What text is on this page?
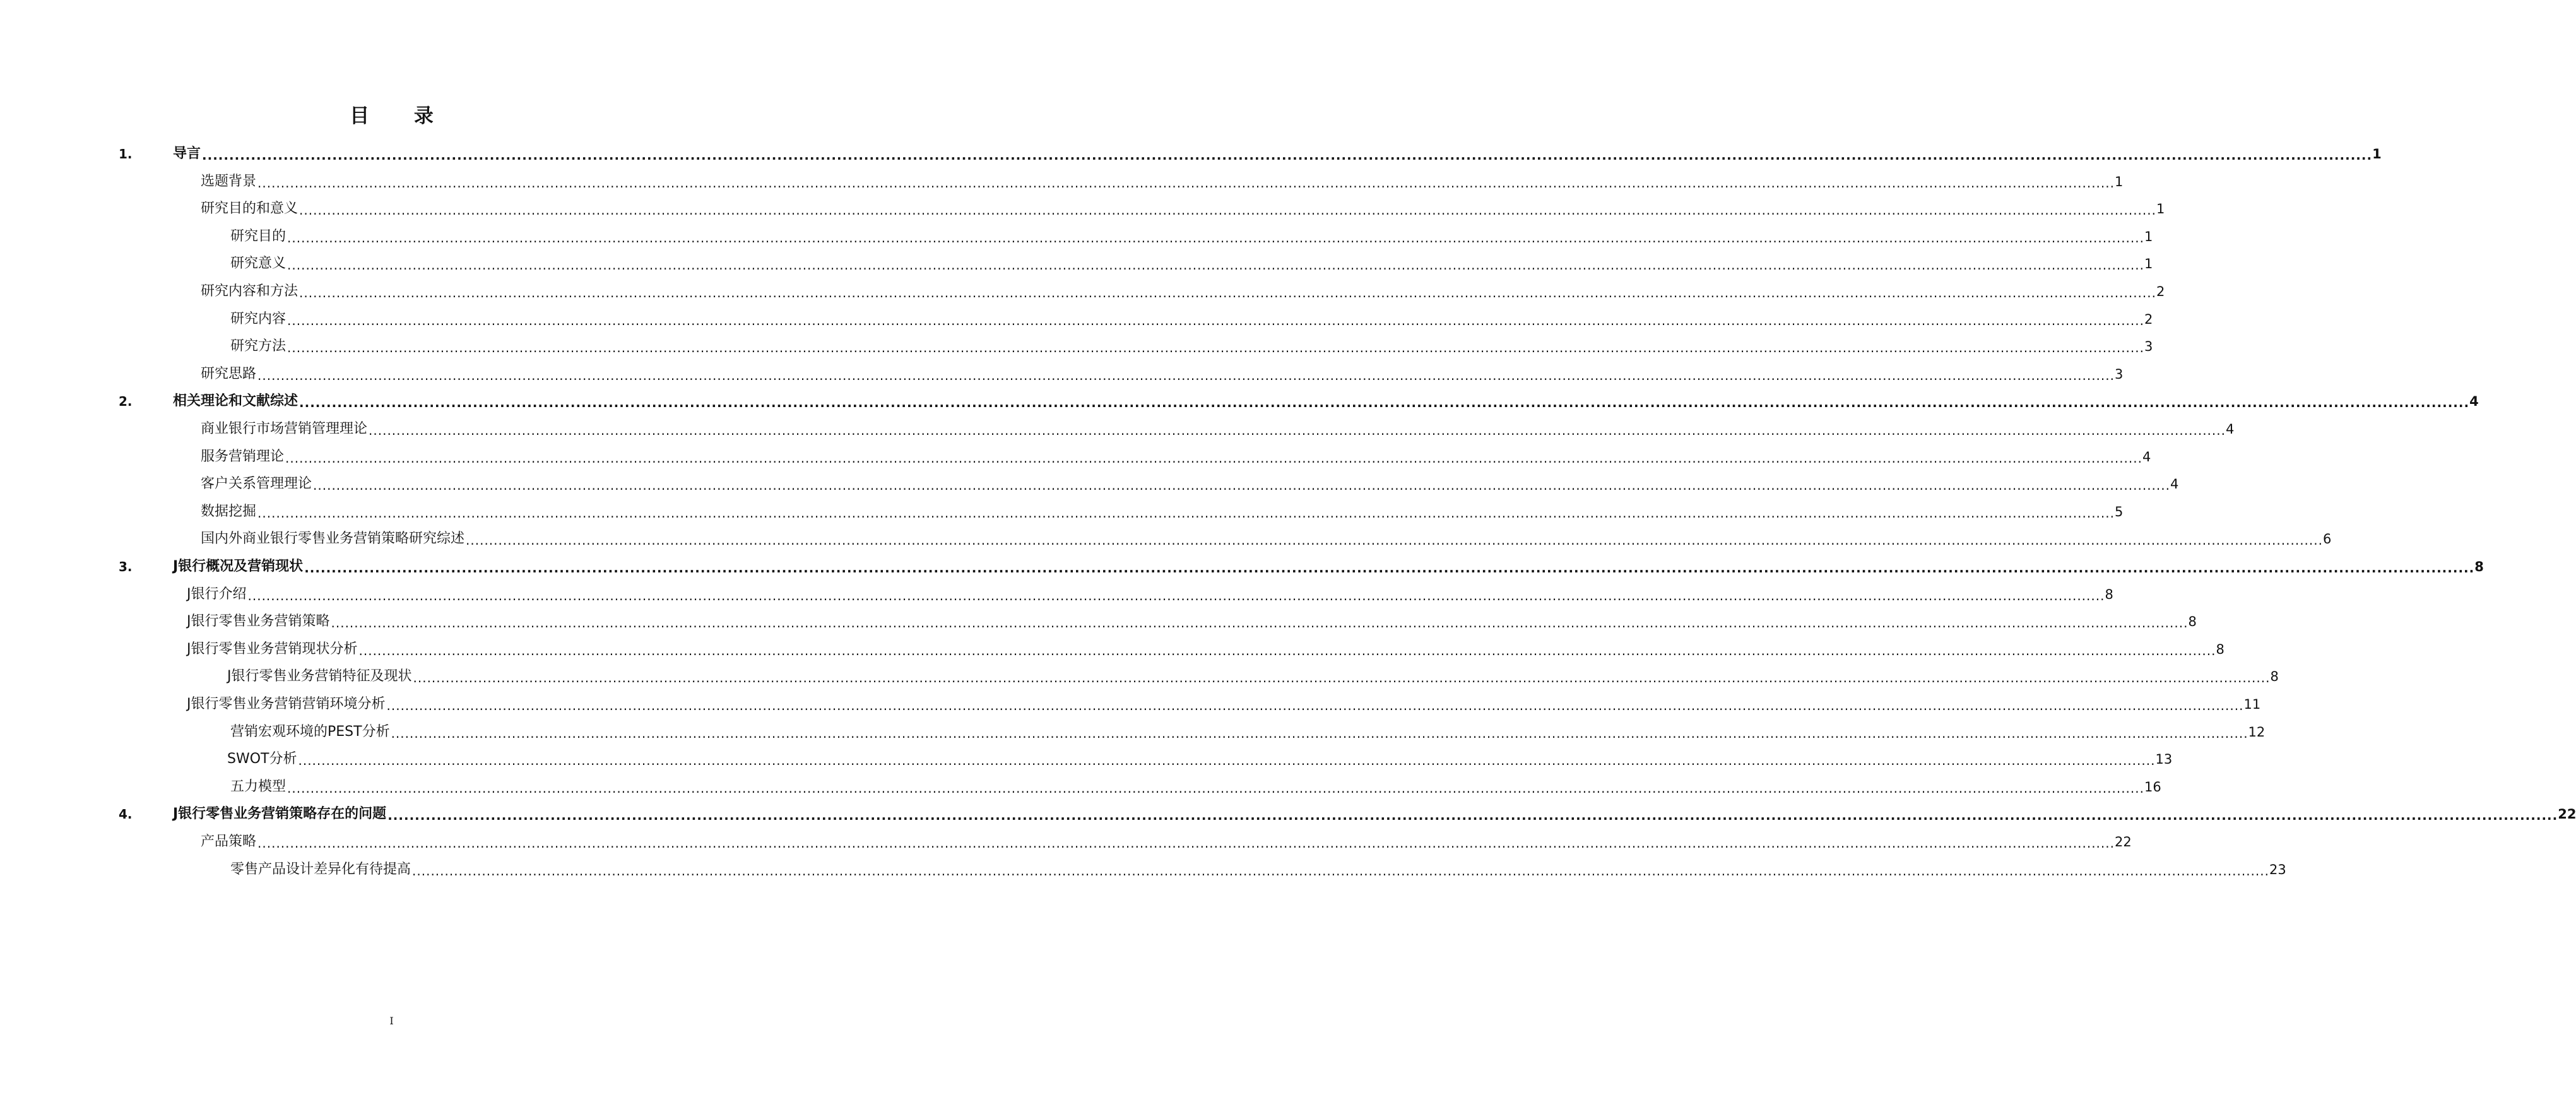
目 录
1.	导言 ................................................................................................................................................................................................................................................................................................................................................................................................................ 1
选题背景 ................................................................................................................................................................................................................................................................................................................................................................................................................ 1
研究目的和意义 ................................................................................................................................................................................................................................................................................................................................................................................................................ 1
研究目的 ................................................................................................................................................................................................................................................................................................................................................................................................................ 1
研究意义 ................................................................................................................................................................................................................................................................................................................................................................................................................ 1
研究内容和方法 ................................................................................................................................................................................................................................................................................................................................................................................................................ 2
研究内容 ................................................................................................................................................................................................................................................................................................................................................................................................................ 2
研究方法 ................................................................................................................................................................................................................................................................................................................................................................................................................ 3
研究思路 ................................................................................................................................................................................................................................................................................................................................................................................................................ 3
2.	相关理论和文献综述 ................................................................................................................................................................................................................................................................................................................................................................................................................ 4
商业银行市场营销管理理论 ................................................................................................................................................................................................................................................................................................................................................................................................................ 4
服务营销理论 ................................................................................................................................................................................................................................................................................................................................................................................................................ 4
客户关系管理理论 ................................................................................................................................................................................................................................................................................................................................................................................................................ 4
数据挖掘 ................................................................................................................................................................................................................................................................................................................................................................................................................ 5
国内外商业银行零售业务营销策略研究综述 ................................................................................................................................................................................................................................................................................................................................................................................................................ 6
3.	J银行概况及营销现状 ................................................................................................................................................................................................................................................................................................................................................................................................................ 8
J银行介绍 ................................................................................................................................................................................................................................................................................................................................................................................................................ 8
J银行零售业务营销策略 ................................................................................................................................................................................................................................................................................................................................................................................................................ 8
J银行零售业务营销现状分析 ................................................................................................................................................................................................................................................................................................................................................................................................................ 8
J银行零售业务营销特征及现状 ................................................................................................................................................................................................................................................................................................................................................................................................................ 8
J银行零售业务营销营销环境分析 ................................................................................................................................................................................................................................................................................................................................................................................................................ 11
营销宏观环境的PEST分析 ................................................................................................................................................................................................................................................................................................................................................................................................................ 12
SWOT分析 ................................................................................................................................................................................................................................................................................................................................................................................................................ 13
五力模型 ................................................................................................................................................................................................................................................................................................................................................................................................................ 16
4.	J银行零售业务营销策略存在的问题 ................................................................................................................................................................................................................................................................................................................................................................................................................ 22
产品策略 ................................................................................................................................................................................................................................................................................................................................................................................................................ 22
零售产品设计差异化有待提高 ................................................................................................................................................................................................................................................................................................................................................................................................................ 23
I
